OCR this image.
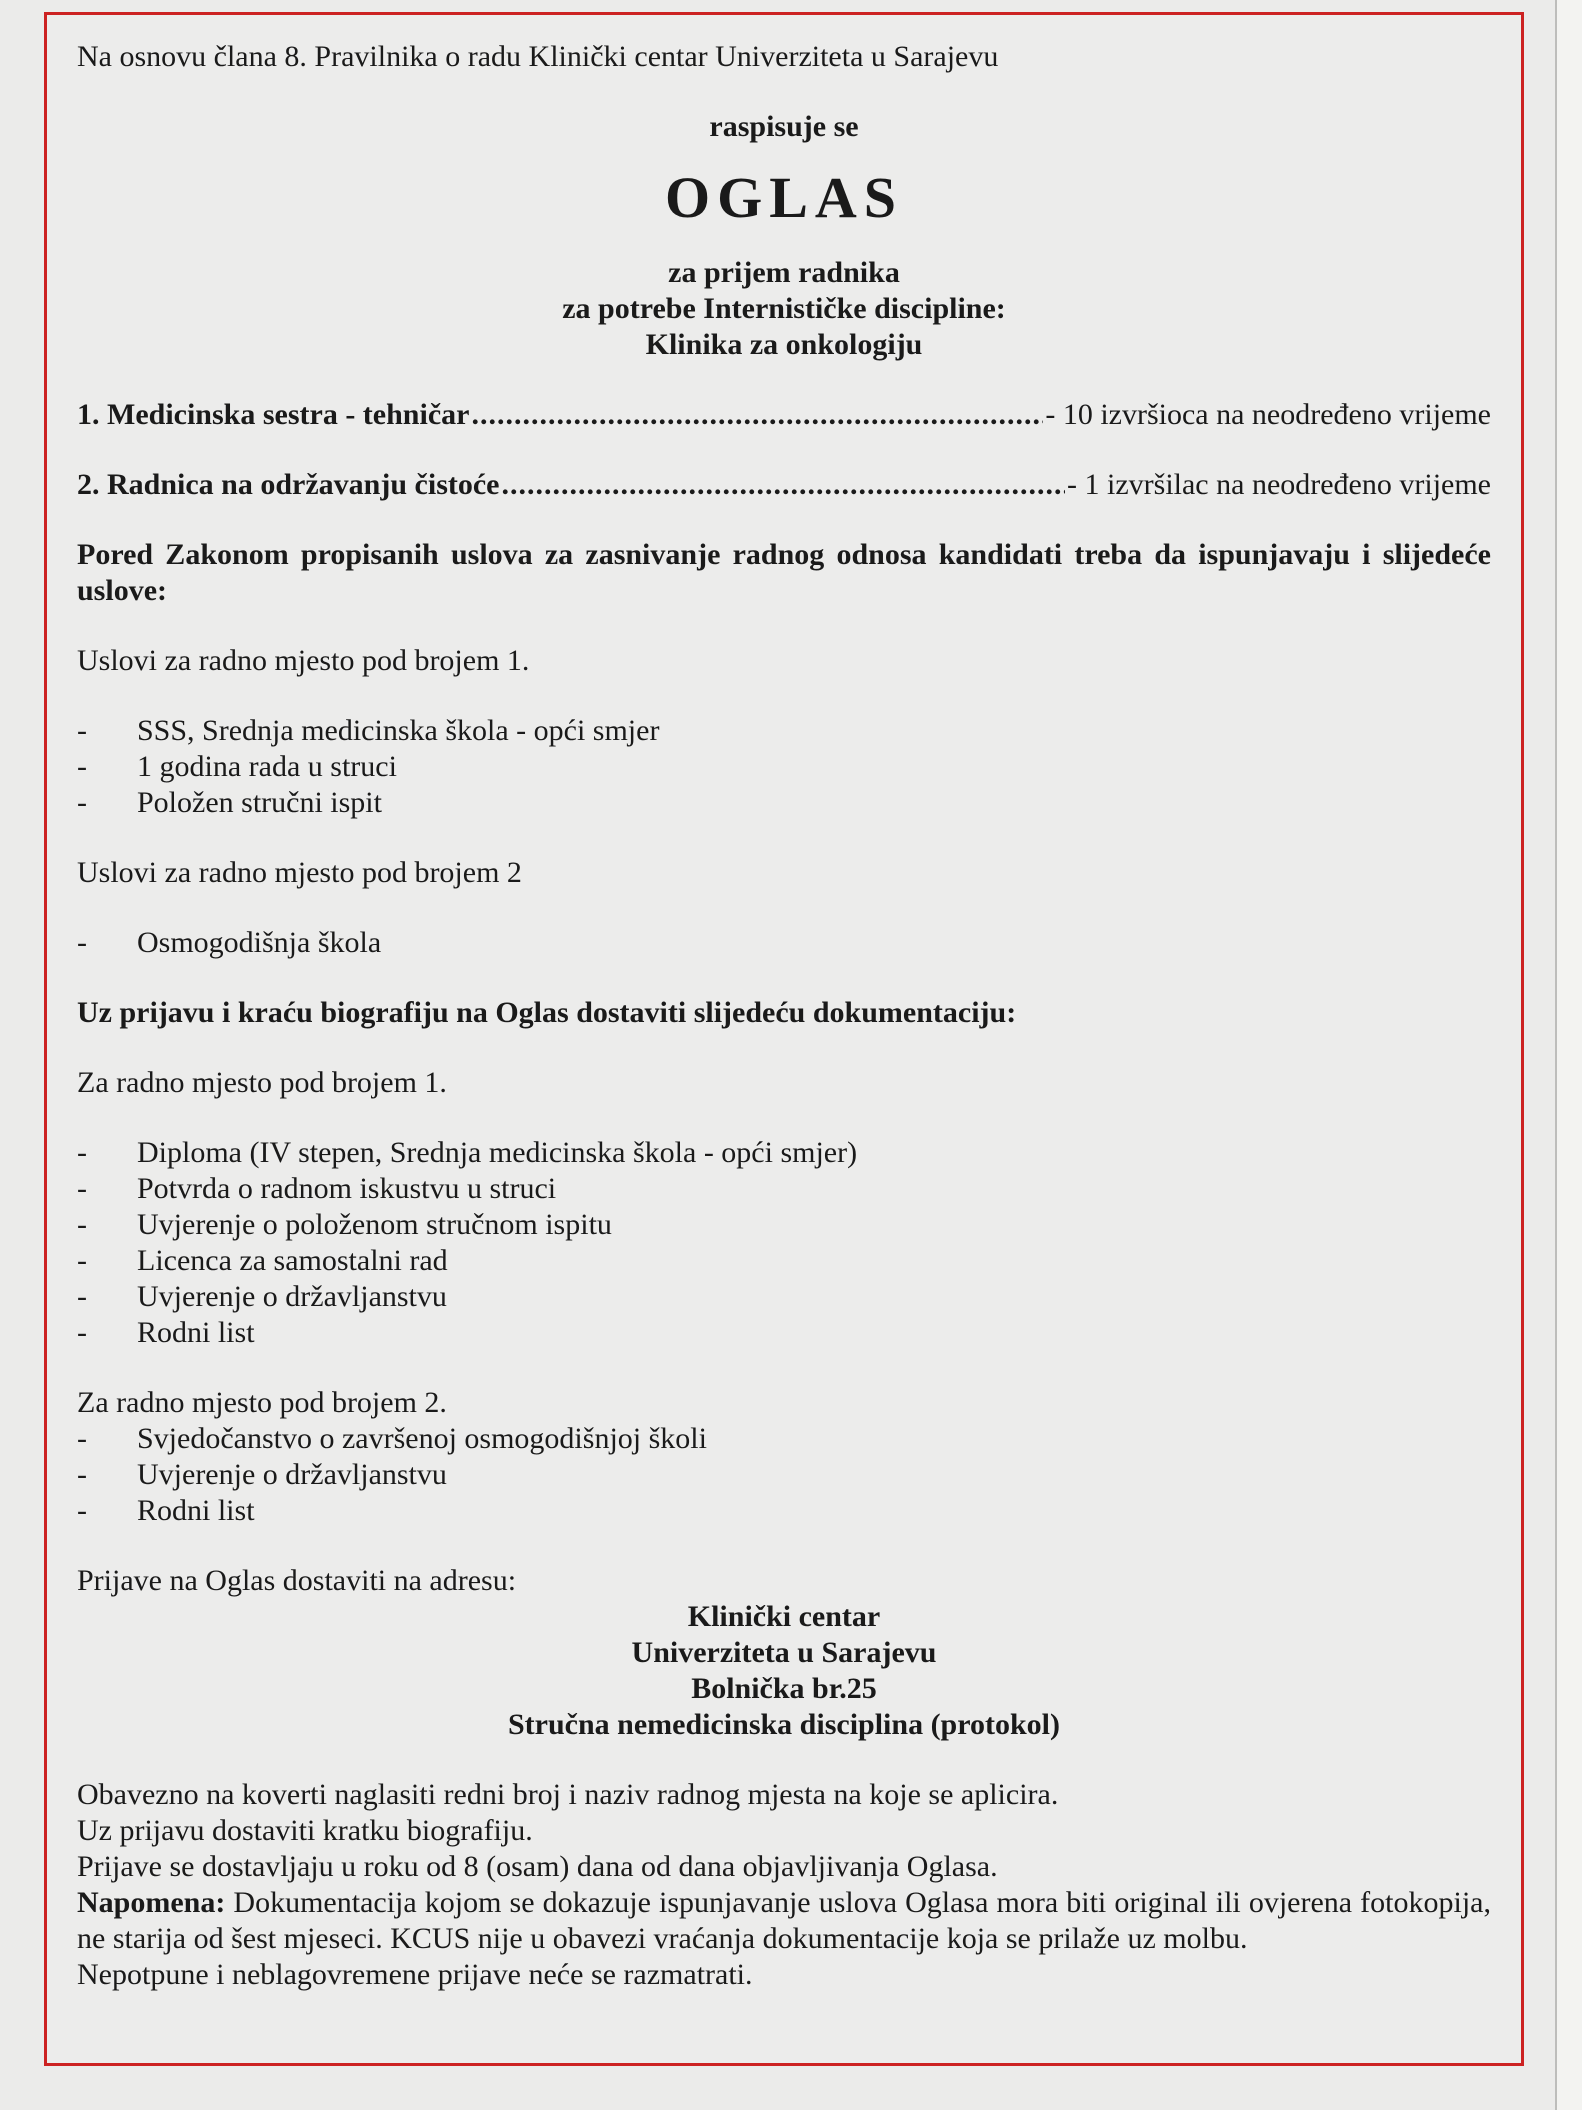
Na osnovu člana 8. Pravilnika o radu Klinički centar Univerziteta u Sarajevu

raspisuje se

OGLAS

za prijem radnika

za potrebe Internističke discipline:

Klinika za onkologiju

1. Medicinska sestra - tehničar .....	- 10 izvršioca na neodređeno vrijeme
2. Radnica na održavanju čistoće .....	- 1 izvršilac na neodređeno vrijeme

Pored Zakonom propisanih uslova za zasnivanje radnog odnosa kandidati treba da ispunjavaju i slijedeće uslove:

Uslovi za radno mjesto pod brojem 1.

-	SSS, Srednja medicinska škola - opći smjer
-	1 godina rada u struci
-	Položen stručni ispit

Uslovi za radno mjesto pod brojem 2

-	Osmogodišnja škola

Uz prijavu i kraću biografiju na Oglas dostaviti slijedeću dokumentaciju:

Za radno mjesto pod brojem 1.

-	Diploma (IV stepen, Srednja medicinska škola - opći smjer)
-	Potvrda o radnom iskustvu u struci
-	Uvjerenje o položenom stručnom ispitu
-	Licenca za samostalni rad
-	Uvjerenje o državljanstvu
-	Rodni list

Za radno mjesto pod brojem 2.

-	Svjedočanstvo o završenoj osmogodišnjoj školi
-	Uvjerenje o državljanstvu
-	Rodni list

Prijave na Oglas dostaviti na adresu:

Klinički centar

Univerziteta u Sarajevu

Bolnička br.25

Stručna nemedicinska disciplina (protokol)

Obavezno na koverti naglasiti redni broj i naziv radnog mjesta na koje se aplicira.

Uz prijavu dostaviti kratku biografiju.

Prijave se dostavljaju u roku od 8 (osam) dana od dana objavljivanja Oglasa.

Napomena: Dokumentacija kojom se dokazuje ispunjavanje uslova Oglasa mora biti original ili ovjerena fotokopija, ne starija od šest mjeseci. KCUS nije u obavezi vraćanja dokumentacije koja se prilaže uz molbu.

Nepotpune i neblagovremene prijave neće se razmatrati.
